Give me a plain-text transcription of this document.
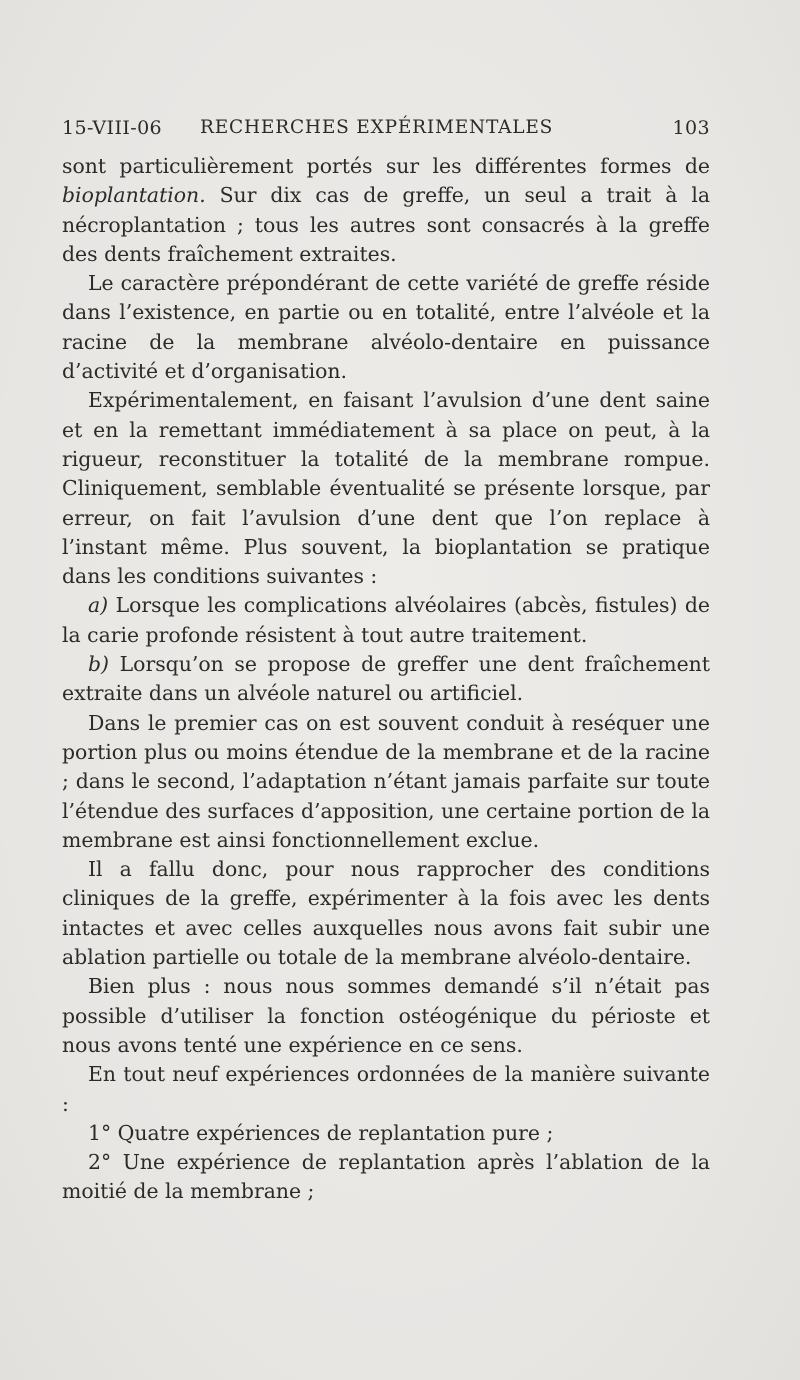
15-VIII-06 RECHERCHES EXPÉRIMENTALES	103

sont particulièrement portés sur les différentes formes de bioplantation. Sur dix cas de greffe, un seul a trait à la nécroplantation ; tous les autres sont consacrés à la greffe des dents fraîchement extraites.

Le caractère prépondérant de cette variété de greffe réside dans l’existence, en partie ou en totalité, entre l’alvéole et la racine de la membrane alvéolo-dentaire en puissance d’activité et d’organisation.

Expérimentalement, en faisant l’avulsion d’une dent saine et en la remettant immédiatement à sa place on peut, à la rigueur, reconstituer la totalité de la membrane rompue. Cliniquement, semblable éventualité se présente lorsque, par erreur, on fait l’avulsion d’une dent que l’on replace à l’instant même. Plus souvent, la bioplantation se pratique dans les conditions suivantes :

a) Lorsque les complications alvéolaires (abcès, fistules) de la carie profonde résistent à tout autre traitement.

b) Lorsqu’on se propose de greffer une dent fraîchement extraite dans un alvéole naturel ou artificiel.

Dans le premier cas on est souvent conduit à reséquer une portion plus ou moins étendue de la membrane et de la racine ; dans le second, l’adaptation n’étant jamais parfaite sur toute l’étendue des surfaces d’apposition, une certaine portion de la membrane est ainsi fonctionnellement exclue.

Il a fallu donc, pour nous rapprocher des conditions cliniques de la greffe, expérimenter à la fois avec les dents intactes et avec celles auxquelles nous avons fait subir une ablation partielle ou totale de la membrane alvéolo-dentaire.

Bien plus : nous nous sommes demandé s’il n’était pas possible d’utiliser la fonction ostéogénique du périoste et nous avons tenté une expérience en ce sens.

En tout neuf expériences ordonnées de la manière suivante :

1° Quatre expériences de replantation pure ;

2° Une expérience de replantation après l’ablation de la moitié de la membrane ;
